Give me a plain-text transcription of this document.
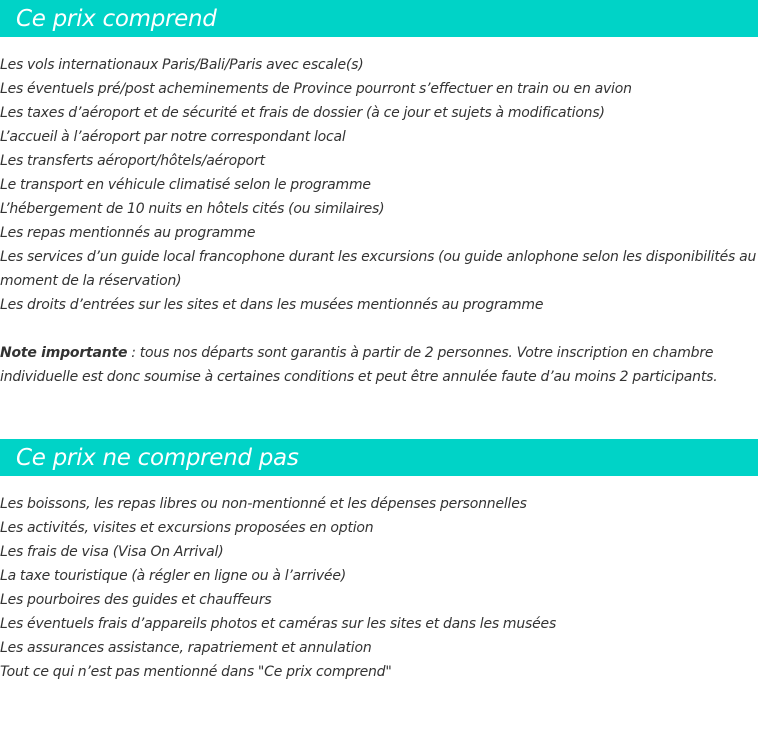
Ce prix comprend
Les vols internationaux Paris/Bali/Paris avec escale(s)
Les éventuels pré/post acheminements de Province pourront s’effectuer en train ou en avion
Les taxes d’aéroport et de sécurité et frais de dossier (à ce jour et sujets à modifications)
L’accueil à l’aéroport par notre correspondant local
Les transferts aéroport/hôtels/aéroport
Le transport en véhicule climatisé selon le programme
L’hébergement de 10 nuits en hôtels cités (ou similaires)
Les repas mentionnés au programme
Les services d’un guide local francophone durant les excursions (ou guide anlophone selon les disponibilités au moment de la réservation)
Les droits d’entrées sur les sites et dans les musées mentionnés au programme

Note importante : tous nos départs sont garantis à partir de 2 personnes. Votre inscription en chambre individuelle est donc soumise à certaines conditions et peut être annulée faute d’au moins 2 participants.

Ce prix ne comprend pas
Les boissons, les repas libres ou non-mentionné et les dépenses personnelles
Les activités, visites et excursions proposées en option
Les frais de visa (Visa On Arrival)
La taxe touristique (à régler en ligne ou à l’arrivée)
Les pourboires des guides et chauffeurs
Les éventuels frais d’appareils photos et caméras sur les sites et dans les musées
Les assurances assistance, rapatriement et annulation
Tout ce qui n’est pas mentionné dans "Ce prix comprend"
